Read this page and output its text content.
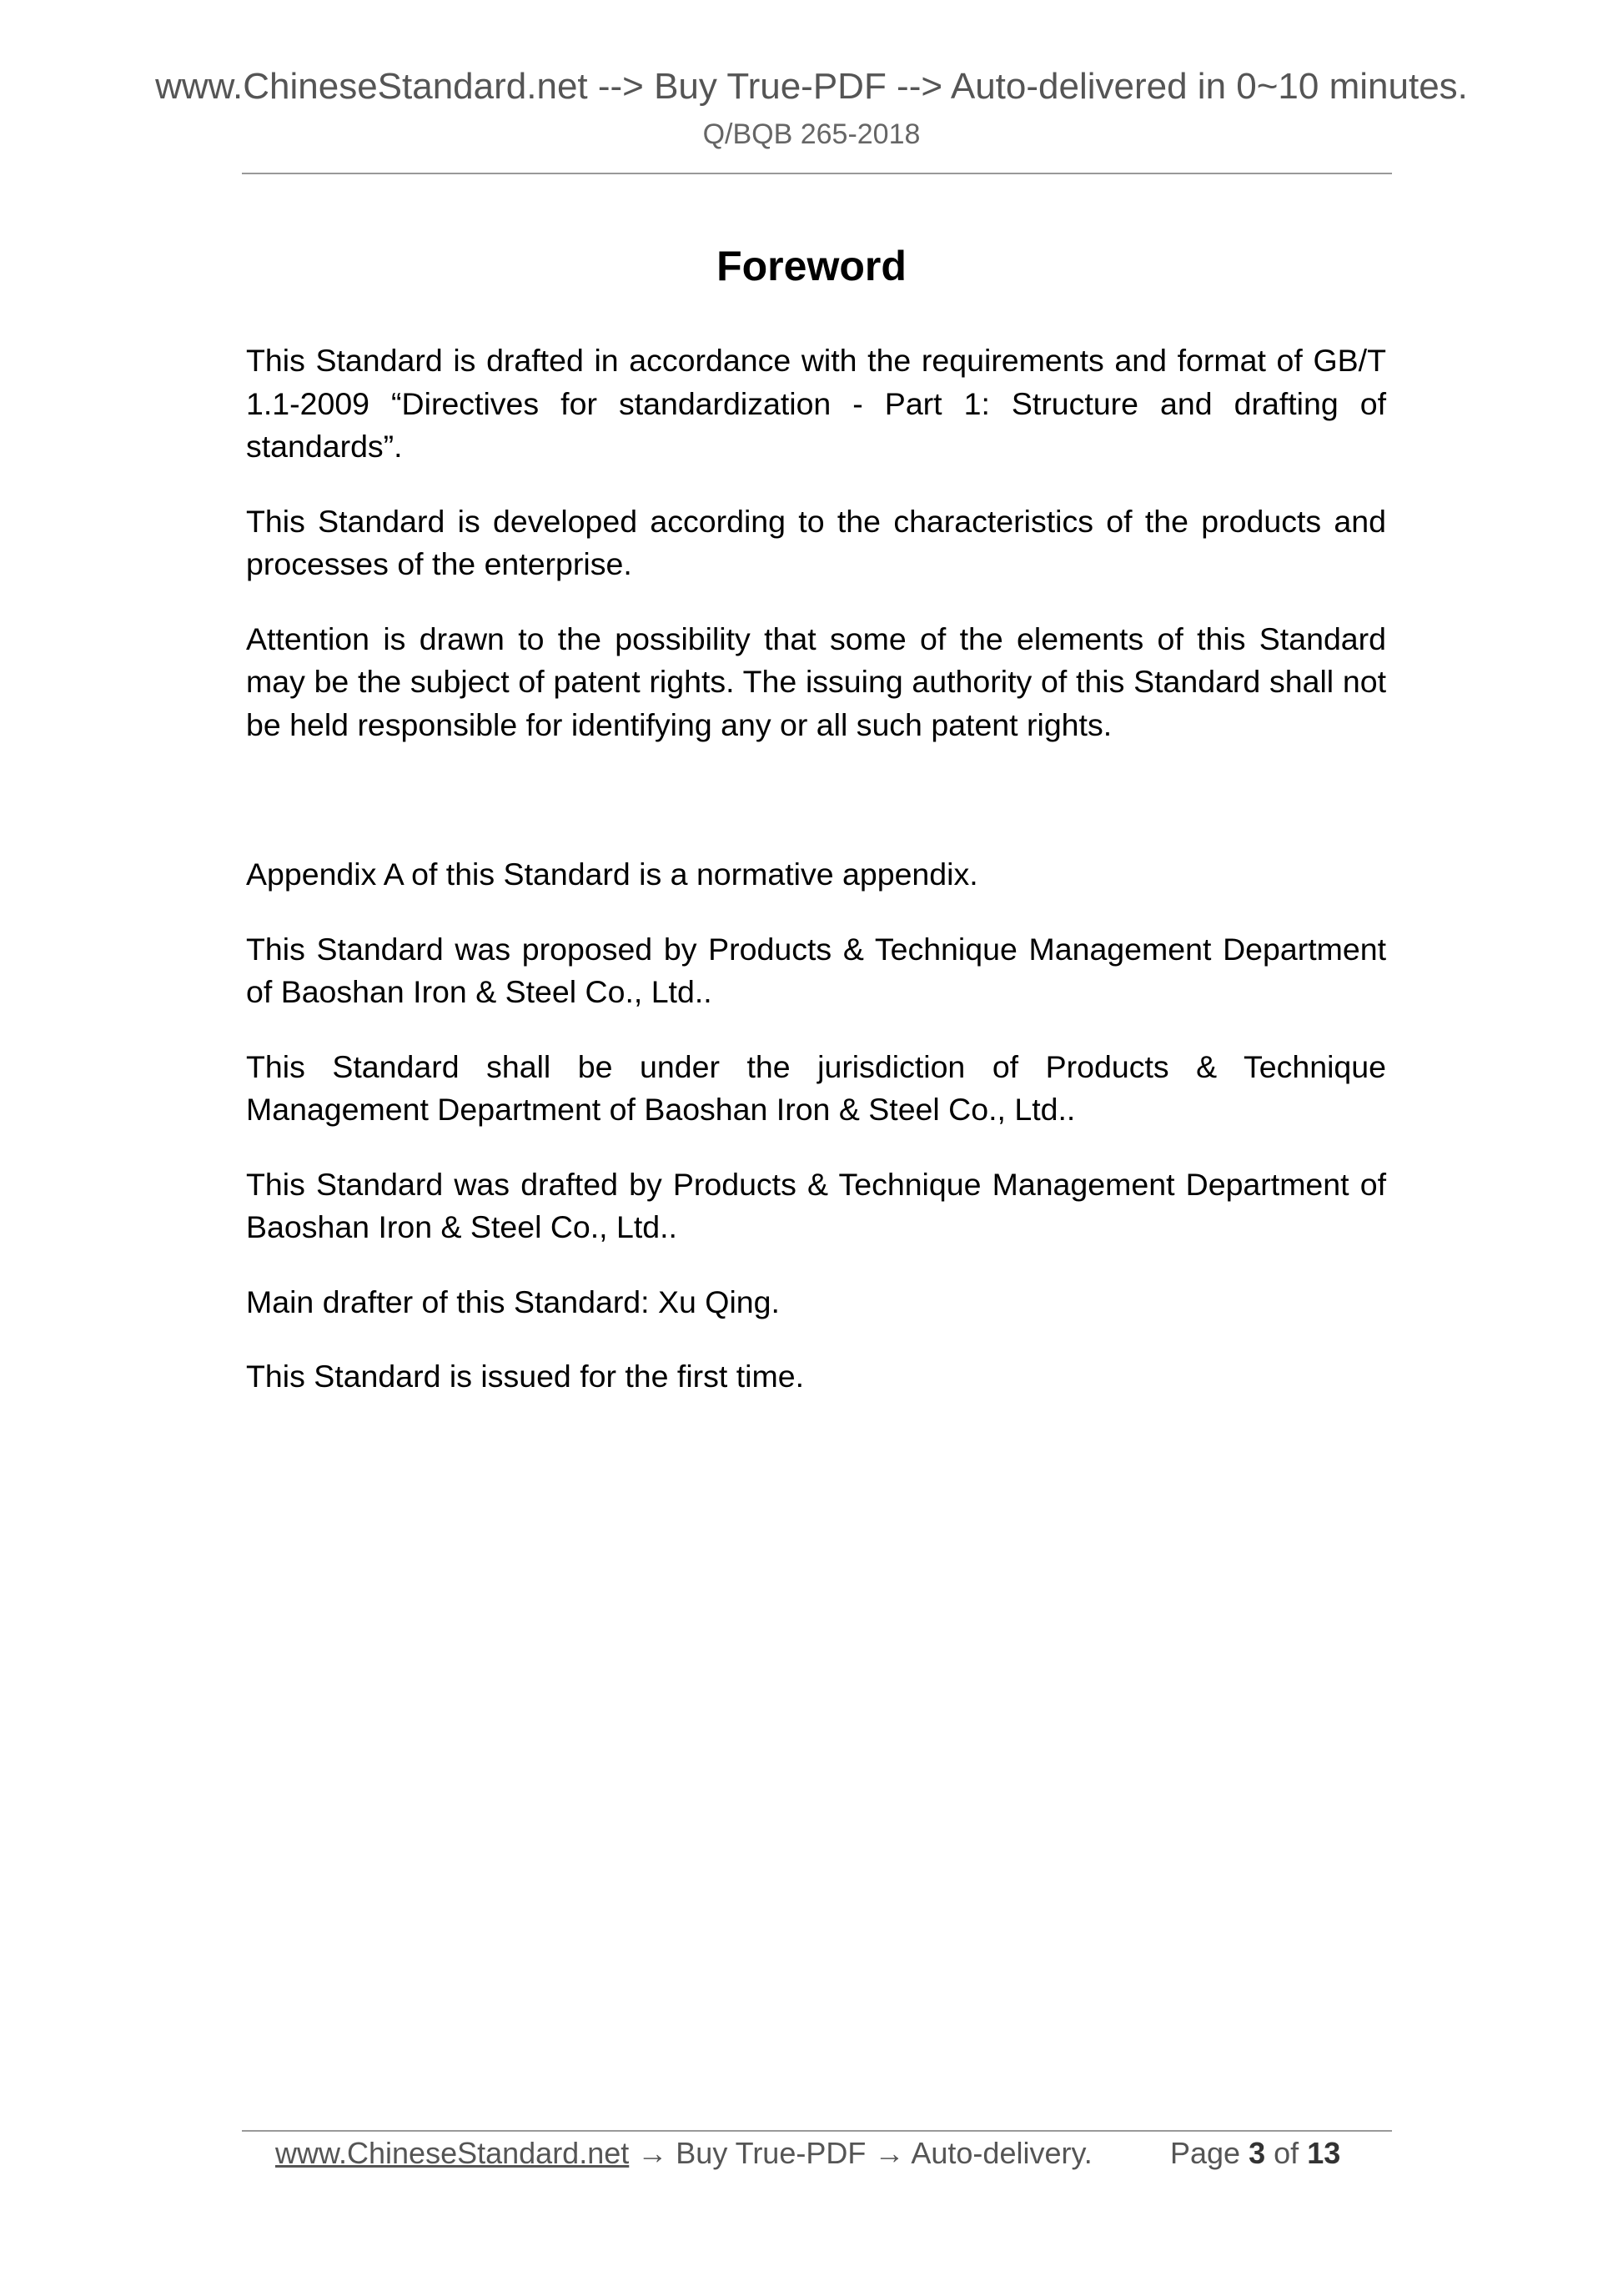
www.ChineseStandard.net --> Buy True-PDF --> Auto-delivered in 0~10 minutes.
Q/BQB 265-2018
Foreword

This Standard is drafted in accordance with the requirements and format of GB/T 1.1-2009 “Directives for standardization - Part 1: Structure and drafting of standards”.

This Standard is developed according to the characteristics of the products and processes of the enterprise.

Attention is drawn to the possibility that some of the elements of this Standard may be the subject of patent rights. The issuing authority of this Standard shall not be held responsible for identifying any or all such patent rights.

Appendix A of this Standard is a normative appendix.

This Standard was proposed by Products & Technique Management Department of Baoshan Iron & Steel Co., Ltd..

This Standard shall be under the jurisdiction of Products & Technique Management Department of Baoshan Iron & Steel Co., Ltd..

This Standard was drafted by Products & Technique Management Department of Baoshan Iron & Steel Co., Ltd..

Main drafter of this Standard: Xu Qing.

This Standard is issued for the first time.

www.ChineseStandard.net → Buy True-PDF → Auto-delivery.	Page 3 of 13
